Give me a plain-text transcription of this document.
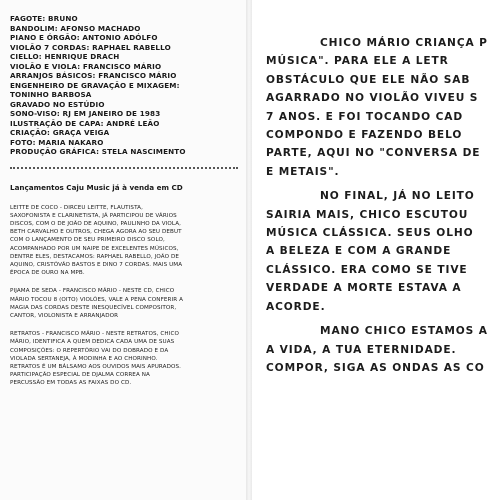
FAGOTE: BRUNO
BANDOLIM: AFONSO MACHADO
PIANO E ÓRGÃO: ANTONIO ADÓLFO
VIOLÃO 7 CORDAS: RAPHAEL RABELLO
CIELLO: HENRIQUE DRACH
VIOLÃO E VIOLA: FRANCISCO MÁRIO
ARRANJOS BÁSICOS: FRANCISCO MÁRIO
ENGENHEIRO DE GRAVAÇÃO E MIXAGEM:
TONINHO BARBOSA
GRAVADO NO ESTÚDIO
SONO-VISO: RJ EM JANEIRO DE 1983
ILUSTRAÇÃO DE CAPA: ANDRÉ LEÃO
CRIAÇÃO: GRAÇA VEIGA
FOTO: MARIA NAKARO
PRODUÇÃO GRÁFICA: STELA NASCIMENTO
Lançamentos Caju Music já à venda em CD

LEITTE DE COCO - DIRCEU LEITTE, FLAUTISTA,

SAXOFONISTA E CLARINETISTA, JÁ PARTICIPOU DE VÁRIOS

DISCOS, COM O DE JOÃO DE AQUINO, PAULINHO DA VIOLA,

BETH CARVALHO E OUTROS, CHEGA AGORA AO SEU DEBUT

COM O LANÇAMENTO DE SEU PRIMEIRO DISCO SOLO,

ACOMPANHADO POR UM NAIPE DE EXCELENTES MÚSICOS,

DENTRE ELES, DESTACAMOS: RAPHAEL RABELLO, JOÃO DE

AQUINO, CRISTÓVÃO BASTOS E DINO 7 CORDAS. MAIS UMA

ÉPOCA DE OURO NA MPB.

PIJAMA DE SEDA - FRANCISCO MÁRIO - NESTE CD, CHICO

MÁRIO TOCOU 8 (OITO) VIOLÕES, VALE A PENA CONFERIR A

MAGIA DAS CORDAS DESTE INESQUECÍVEL COMPOSITOR,

CANTOR, VIOLONISTA E ARRANJADOR

RETRATOS - FRANCISCO MÁRIO - NESTE RETRATOS, CHICO

MÁRIO, IDENTIFICA A QUEM DEDICA CADA UMA DE SUAS

COMPOSIÇÕES: O REPERTÓRIO VAI DO DOBRADO E DA

VIOLADA SERTANEJA, À MODINHA E AO CHORINHO.

RETRATOS É UM BÁLSAMO AOS OUVIDOS MAIS APURADOS.

PARTICIPAÇÃO ESPECIAL DE DJALMA CORREA NA

PERCUSSÃO EM TODAS AS FAIXAS DO CD.

CHICO MÁRIO CRIANÇA P
MÚSICA". PARA ELE A LETR
OBSTÁCULO QUE ELE NÃO SAB
AGARRADO NO VIOLÃO VIVEU S
7 ANOS. E FOI TOCANDO CAD
COMPONDO E FAZENDO BELO
PARTE, AQUI NO "CONVERSA DE
E METAIS".
NO FINAL, JÁ NO LEITO
SAIRIA MAIS, CHICO ESCUTOU
MÚSICA CLÁSSICA. SEUS OLHO
A BELEZA E COM A GRANDE
CLÁSSICO. ERA COMO SE TIVE
VERDADE A MORTE ESTAVA A
ACORDE.
MANO CHICO ESTAMOS A
A VIDA, A TUA ETERNIDADE.
COMPOR, SIGA AS ONDAS AS CO
